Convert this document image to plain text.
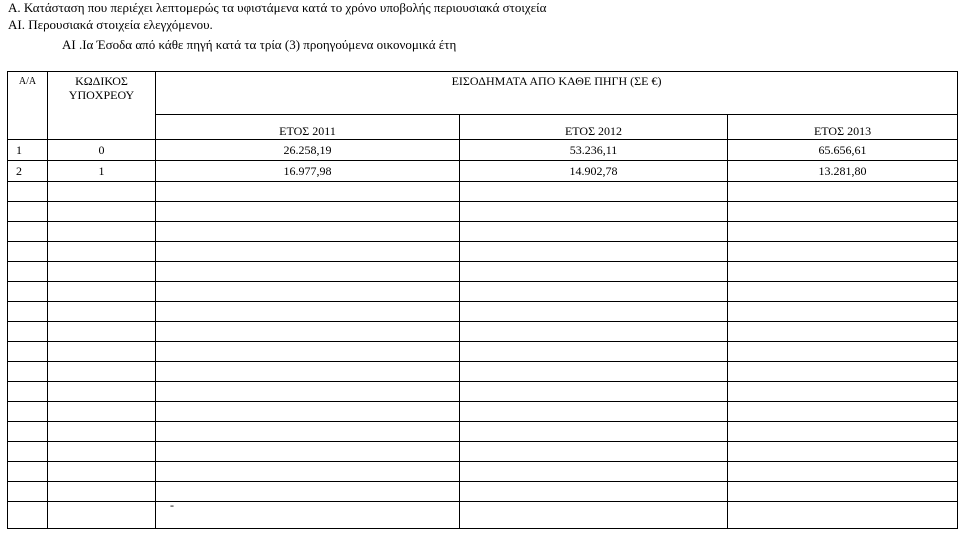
Α. Κατάσταση που περιέχει λεπτομερώς τα υφιστάμενα κατά το χρόνο υποβολής περιουσιακά στοιχεία
ΑΙ. Περουσιακά στοιχεία ελεγχόμενου.
ΑΙ .Ια Έσοδα από κάθε πηγή κατά τα τρία (3) προηγούμενα οικονομικά έτη
Α/Α	ΚΩΔΙΚΟΣ ΥΠΟΧΡΕΟΥ	ΕΙΣΟΔΗΜΑΤΑ ΑΠΟ ΚΑΘΕ ΠΗΓΗ (ΣΕ €)		
		ΕΤΟΣ 2011	ΕΤΟΣ 2012	ΕΤΟΣ 2013
1	0	26.258,19	53.236,11	65.656,61
2	1	16.977,98	14.902,78	13.281,80

		-		
